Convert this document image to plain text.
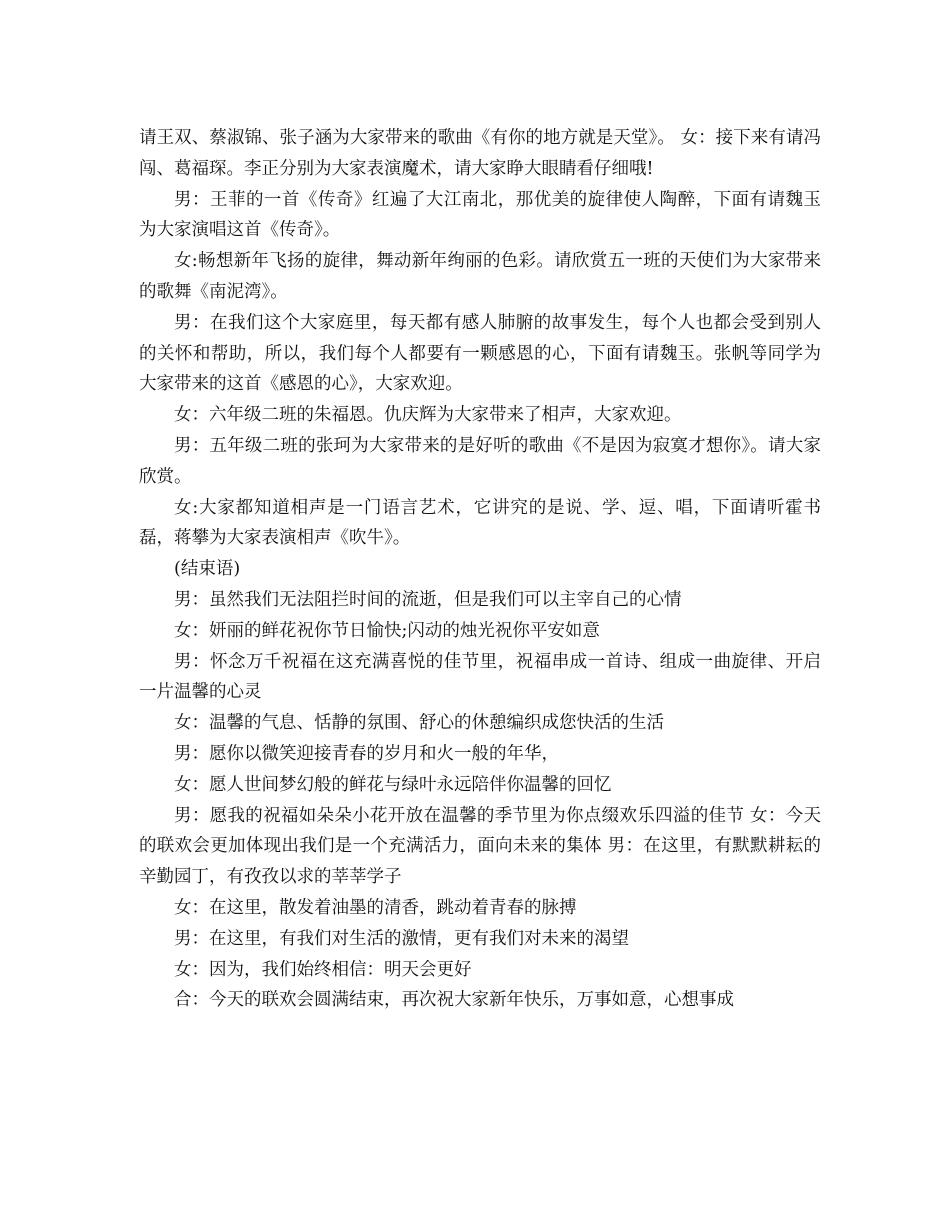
请王双、蔡淑锦、张子涵为大家带来的歌曲《有你的地方就是天堂》。 女：接下来有请冯闯、葛福琛。李正分别为大家表演魔术，请大家睁大眼睛看仔细哦!

男：王菲的一首《传奇》红遍了大江南北，那优美的旋律使人陶醉，下面有请魏玉为大家演唱这首《传奇》。

女:畅想新年飞扬的旋律，舞动新年绚丽的色彩。请欣赏五一班的天使们为大家带来的歌舞《南泥湾》。

男：在我们这个大家庭里，每天都有感人肺腑的故事发生，每个人也都会受到别人的关怀和帮助，所以，我们每个人都要有一颗感恩的心，下面有请魏玉。张帆等同学为大家带来的这首《感恩的心》，大家欢迎。

女：六年级二班的朱福恩。仇庆辉为大家带来了相声，大家欢迎。

男：五年级二班的张珂为大家带来的是好听的歌曲《不是因为寂寞才想你》。请大家欣赏。

女:大家都知道相声是一门语言艺术，它讲究的是说、学、逗、唱，下面请听霍书磊，蒋攀为大家表演相声《吹牛》。

(结束语)

男：虽然我们无法阻拦时间的流逝，但是我们可以主宰自己的心情

女：妍丽的鲜花祝你节日愉快;闪动的烛光祝你平安如意

男：怀念万千祝福在这充满喜悦的佳节里，祝福串成一首诗、组成一曲旋律、开启一片温馨的心灵

女：温馨的气息、恬静的氛围、舒心的休憩编织成您快活的生活

男：愿你以微笑迎接青春的岁月和火一般的年华，

女：愿人世间梦幻般的鲜花与绿叶永远陪伴你温馨的回忆

男：愿我的祝福如朵朵小花开放在温馨的季节里为你点缀欢乐四溢的佳节 女：今天的联欢会更加体现出我们是一个充满活力，面向未来的集体 男：在这里，有默默耕耘的辛勤园丁，有孜孜以求的莘莘学子

女：在这里，散发着油墨的清香，跳动着青春的脉搏

男：在这里，有我们对生活的激情，更有我们对未来的渴望

女：因为，我们始终相信：明天会更好

合：今天的联欢会圆满结束，再次祝大家新年快乐，万事如意，心想事成
